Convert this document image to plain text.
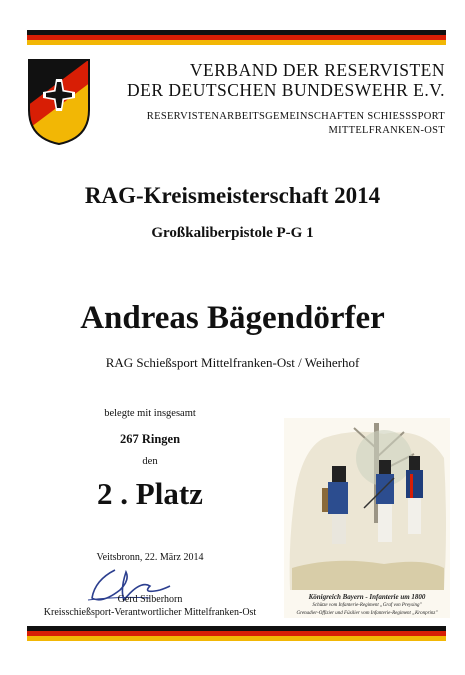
VERBAND DER RESERVISTEN
DER DEUTSCHEN BUNDESWEHR E.V.
RESERVISTENARBEITSGEMEINSCHAFTEN SCHIESSSPORT
MITTELFRANKEN-OST
RAG-Kreismeisterschaft 2014
Großkaliberpistole P-G 1
Andreas Bägendörfer
RAG Schießsport Mittelfranken-Ost / Weiherhof
belegte mit insgesamt
267 Ringen
den
2 . Platz
Veitsbronn, 22. März 2014
Gerd Silberhorn
Kreisschießsport-Verantwortlicher Mittelfranken-Ost
Königreich Bayern - Infanterie um 1800
Schütze vom Infanterie-Regiment „Graf von Preysing"
Grenadier-Offizier und Füsilier vom Infanterie-Regiment „Kronprinz"
